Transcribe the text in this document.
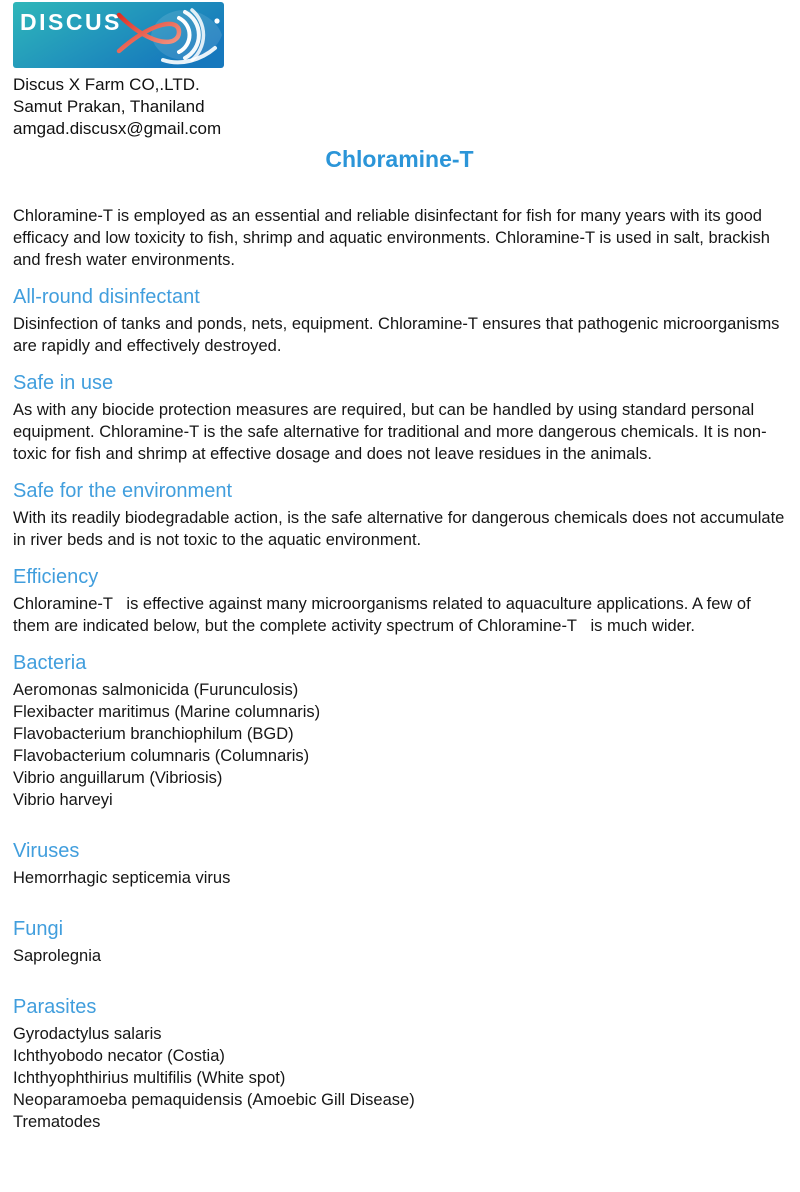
DISCUS
Discus X Farm CO,.LTD.
Samut Prakan, Thaniland
amgad.discusx@gmail.com
Chloramine-T
Chloramine-T is employed as an essential and reliable disinfectant for fish for many years with its good efficacy and low toxicity to fish, shrimp and aquatic environments. Chloramine-T is used in salt, brackish and fresh water environments.
All-round disinfectant
Disinfection of tanks and ponds, nets, equipment. Chloramine-T ensures that pathogenic microorganisms are rapidly and effectively destroyed.
Safe in use
As with any biocide protection measures are required, but can be handled by using standard personal equipment. Chloramine-T is the safe alternative for traditional and more dangerous chemicals. It is non-toxic for fish and shrimp at effective dosage and does not leave residues in the animals.
Safe for the environment
With its readily biodegradable action, is the safe alternative for dangerous chemicals does not accumulate in river beds and is not toxic to the aquatic environment.
Efficiency
Chloramine-T   is effective against many microorganisms related to aquaculture applications. A few of them are indicated below, but the complete activity spectrum of Chloramine-T   is much wider.
Bacteria
Aeromonas salmonicida (Furunculosis)
Flexibacter maritimus (Marine columnaris)
Flavobacterium branchiophilum (BGD)
Flavobacterium columnaris (Columnaris)
Vibrio anguillarum (Vibriosis)
Vibrio harveyi
Viruses
Hemorrhagic septicemia virus
Fungi
Saprolegnia
Parasites
Gyrodactylus salaris
Ichthyobodo necator (Costia)
Ichthyophthirius multifilis (White spot)
Neoparamoeba pemaquidensis (Amoebic Gill Disease)
Trematodes
